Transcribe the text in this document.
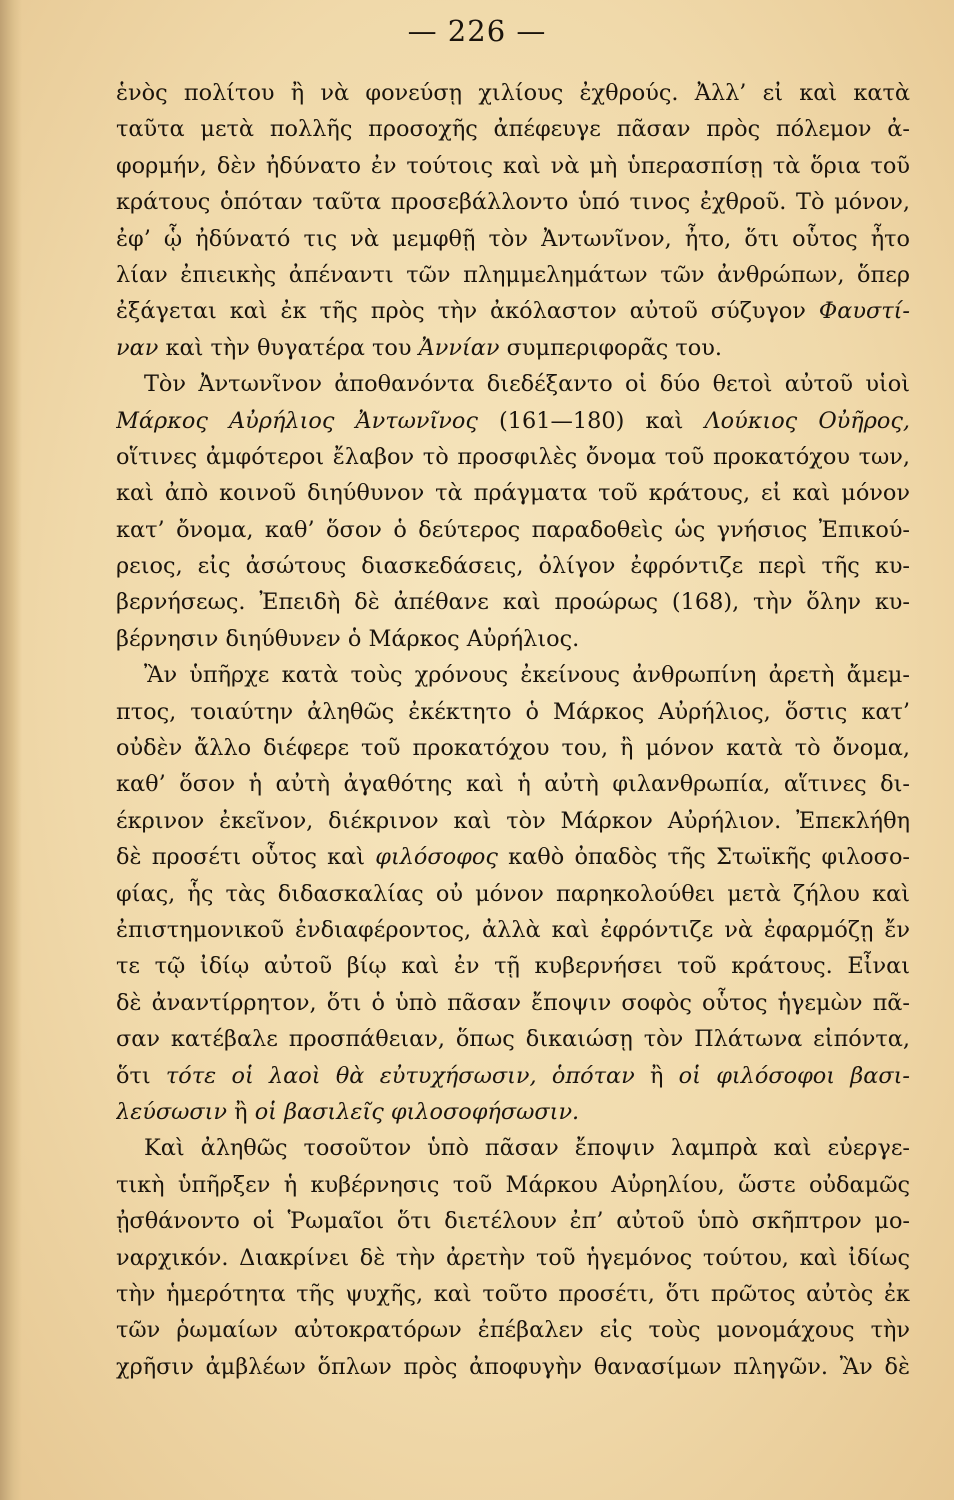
— 226 —
ἑνὸς πολίτου ἢ νὰ φονεύσῃ χιλίους ἐχθρούς. Ἀλλ’ εἰ καὶ κατὰ
ταῦτα μετὰ πολλῆς προσοχῆς ἀπέφευγε πᾶσαν πρὸς πόλεμον ἀ-
φορμήν, δὲν ἠδύνατο ἐν τούτοις καὶ νὰ μὴ ὑπερασπίσῃ τὰ ὅρια τοῦ
κράτους ὁπόταν ταῦτα προσεβάλλοντο ὑπό τινος ἐχθροῦ. Τὸ μόνον,
ἐφ’ ᾧ ἠδύνατό τις νὰ μεμφθῇ τὸν Ἀντωνῖνον, ἦτο, ὅτι οὗτος ἦτο
λίαν ἐπιεικὴς ἀπέναντι τῶν πλημμελημάτων τῶν ἀνθρώπων, ὅπερ
ἐξάγεται καὶ ἐκ τῆς πρὸς τὴν ἀκόλαστον αὐτοῦ σύζυγον Φαυστί-
ναν καὶ τὴν θυγατέρα του Ἀννίαν συμπεριφορᾶς του.
Τὸν Ἀντωνῖνον ἀποθανόντα διεδέξαντο οἱ δύο θετοὶ αὐτοῦ υἱοὶ
Μάρκος Αὐρήλιος Ἀντωνῖνος (161—180) καὶ Λούκιος Οὐῆρος,
οἵτινες ἀμφότεροι ἔλαβον τὸ προσφιλὲς ὄνομα τοῦ προκατόχου των,
καὶ ἀπὸ κοινοῦ διηύθυνον τὰ πράγματα τοῦ κράτους, εἰ καὶ μόνον
κατ’ ὄνομα, καθ’ ὅσον ὁ δεύτερος παραδοθεὶς ὡς γνήσιος Ἐπικού-
ρειος, εἰς ἀσώτους διασκεδάσεις, ὀλίγον ἐφρόντιζε περὶ τῆς κυ-
βερνήσεως. Ἐπειδὴ δὲ ἀπέθανε καὶ προώρως (168), τὴν ὅλην κυ-
βέρνησιν διηύθυνεν ὁ Μάρκος Αὐρήλιος.
Ἂν ὑπῆρχε κατὰ τοὺς χρόνους ἐκείνους ἀνθρωπίνη ἀρετὴ ἄμεμ-
πτος, τοιαύτην ἀληθῶς ἐκέκτητο ὁ Μάρκος Αὐρήλιος, ὅστις κατ’
οὐδὲν ἄλλο διέφερε τοῦ προκατόχου του, ἢ μόνον κατὰ τὸ ὄνομα,
καθ’ ὅσον ἡ αὐτὴ ἀγαθότης καὶ ἡ αὐτὴ φιλανθρωπία, αἵτινες δι-
έκρινον ἐκεῖνον, διέκρινον καὶ τὸν Μάρκον Αὐρήλιον. Ἐπεκλήθη
δὲ προσέτι οὗτος καὶ φιλόσοφος καθὸ ὀπαδὸς τῆς Στωϊκῆς φιλοσο-
φίας, ἧς τὰς διδασκαλίας οὐ μόνον παρηκολούθει μετὰ ζήλου καὶ
ἐπιστημονικοῦ ἐνδιαφέροντος, ἀλλὰ καὶ ἐφρόντιζε νὰ ἐφαρμόζῃ ἔν
τε τῷ ἰδίῳ αὐτοῦ βίῳ καὶ ἐν τῇ κυβερνήσει τοῦ κράτους. Εἶναι
δὲ ἀναντίρρητον, ὅτι ὁ ὑπὸ πᾶσαν ἔποψιν σοφὸς οὗτος ἡγεμὼν πᾶ-
σαν κατέβαλε προσπάθειαν, ὅπως δικαιώσῃ τὸν Πλάτωνα εἰπόντα,
ὅτι τότε οἱ λαοὶ θὰ εὐτυχήσωσιν, ὁπόταν ἢ οἱ φιλόσοφοι βασι-
λεύσωσιν ἢ οἱ βασιλεῖς φιλοσοφήσωσιν.
Καὶ ἀληθῶς τοσοῦτον ὑπὸ πᾶσαν ἔποψιν λαμπρὰ καὶ εὐεργε-
τικὴ ὑπῆρξεν ἡ κυβέρνησις τοῦ Μάρκου Αὐρηλίου, ὥστε οὐδαμῶς
ᾐσθάνοντο οἱ Ῥωμαῖοι ὅτι διετέλουν ἐπ’ αὐτοῦ ὑπὸ σκῆπτρον μο-
ναρχικόν. Διακρίνει δὲ τὴν ἀρετὴν τοῦ ἡγεμόνος τούτου, καὶ ἰδίως
τὴν ἡμερότητα τῆς ψυχῆς, καὶ τοῦτο προσέτι, ὅτι πρῶτος αὐτὸς ἐκ
τῶν ῥωμαίων αὐτοκρατόρων ἐπέβαλεν εἰς τοὺς μονομάχους τὴν
χρῆσιν ἀμβλέων ὅπλων πρὸς ἀποφυγὴν θανασίμων πληγῶν. Ἂν δὲ
